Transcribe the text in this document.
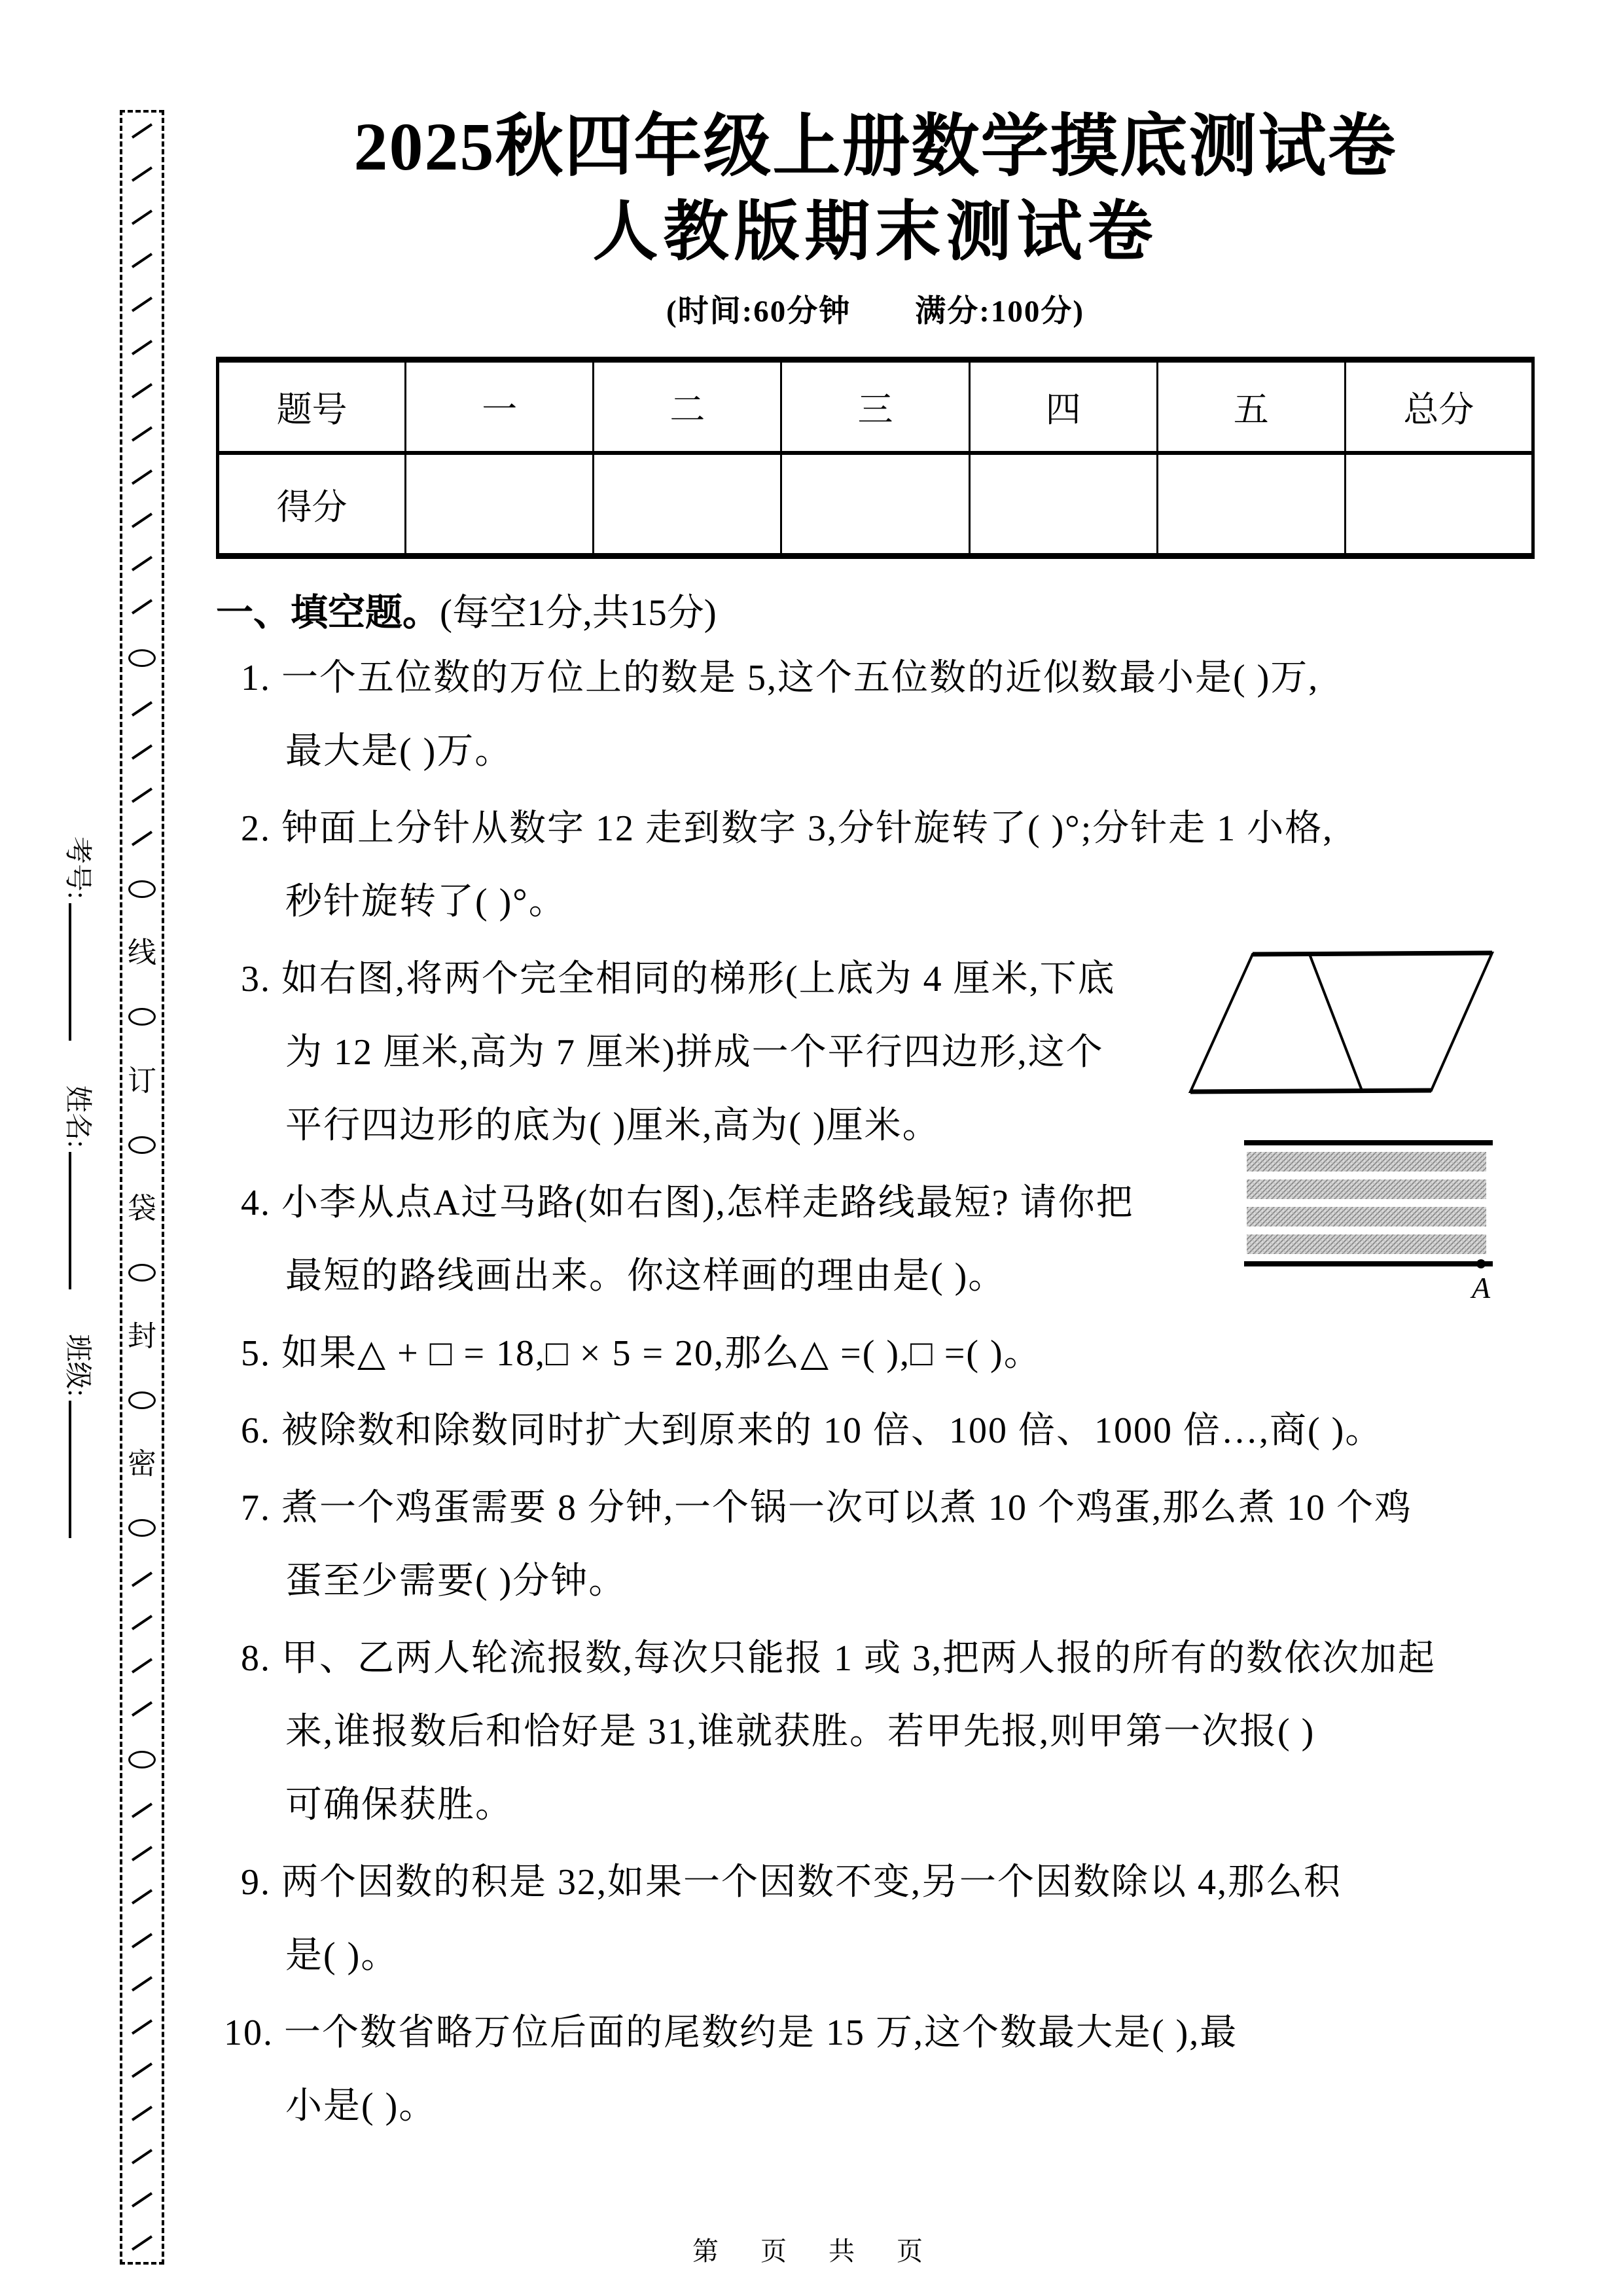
线
订
袋
封
密
考号: 姓名: 班级:
2025秋四年级上册数学摸底测试卷
人教版期末测试卷
(时间:60分钟　　满分:100分)
题号	一	二	三	四	五	总分
得分						
一、填空题。(每空1分,共15分)
1. 一个五位数的万位上的数是 5,这个五位数的近似数最小是( )万,
最大是( )万。
2. 钟面上分针从数字 12 走到数字 3,分针旋转了( )°;分针走 1 小格,
秒针旋转了( )°。
3. 如右图,将两个完全相同的梯形(上底为 4 厘米,下底
为 12 厘米,高为 7 厘米)拼成一个平行四边形,这个
平行四边形的底为( )厘米,高为( )厘米。
4. 小李从点A过马路(如右图),怎样走路线最短? 请你把
最短的路线画出来。你这样画的理由是( )。
5. 如果△ + □ = 18,□ × 5 = 20,那么△ =( ),□ =( )。
6. 被除数和除数同时扩大到原来的 10 倍、100 倍、1000 倍…,商( )。
7. 煮一个鸡蛋需要 8 分钟,一个锅一次可以煮 10 个鸡蛋,那么煮 10 个鸡
蛋至少需要( )分钟。
8. 甲、乙两人轮流报数,每次只能报 1 或 3,把两人报的所有的数依次加起
来,谁报数后和恰好是 31,谁就获胜。若甲先报,则甲第一次报( )
可确保获胜。
9. 两个因数的积是 32,如果一个因数不变,另一个因数除以 4,那么积
是( )。
10. 一个数省略万位后面的尾数约是 15 万,这个数最大是( ),最
小是( )。
A
第　页　共　页
